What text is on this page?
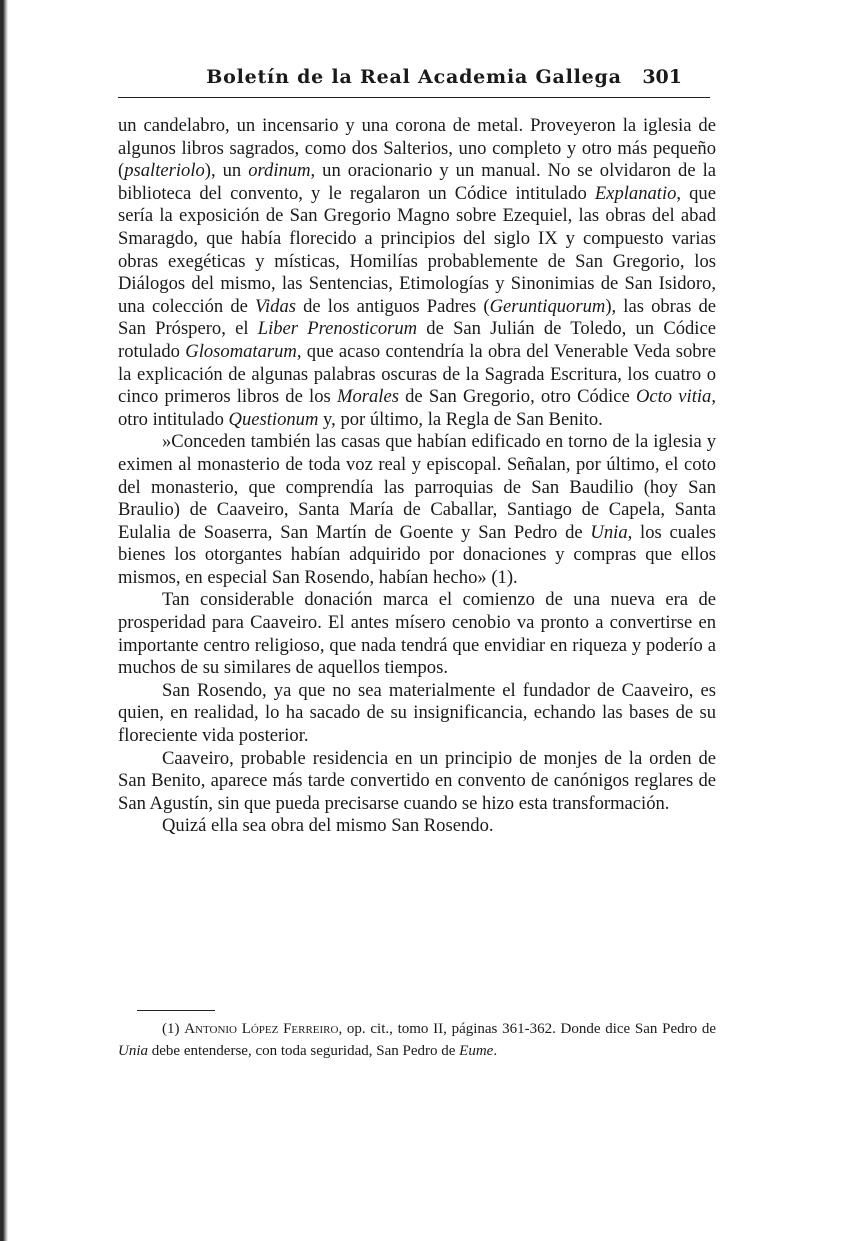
Boletín de la Real Academia Gallega	301

un candelabro, un incensario y una corona de metal. Proveyeron la iglesia de algunos libros sagrados, como dos Salterios, uno completo y otro más pequeño (psalteriolo), un ordinum, un oracionario y un manual. No se olvidaron de la biblioteca del convento, y le regalaron un Códice intitulado Explanatio, que sería la exposición de San Gregorio Magno sobre Ezequiel, las obras del abad Smaragdo, que había florecido a principios del siglo IX y compuesto varias obras exegéticas y místicas, Homilías probablemente de San Gregorio, los Diálogos del mismo, las Sentencias, Etimologías y Sinonimias de San Isidoro, una colección de Vidas de los antiguos Padres (Geruntiquorum), las obras de San Próspero, el Liber Prenosticorum de San Julián de Toledo, un Códice rotulado Glosomatarum, que acaso contendría la obra del Venerable Veda sobre la explicación de algunas palabras oscuras de la Sagrada Escritura, los cuatro o cinco primeros libros de los Morales de San Gregorio, otro Códice Octo vitia, otro intitulado Questionum y, por último, la Regla de San Benito.

»Conceden también las casas que habían edificado en torno de la iglesia y eximen al monasterio de toda voz real y episcopal. Señalan, por último, el coto del monasterio, que comprendía las parroquias de San Baudilio (hoy San Braulio) de Caaveiro, Santa María de Caballar, Santiago de Capela, Santa Eulalia de Soaserra, San Martín de Goente y San Pedro de Unia, los cuales bienes los otorgantes habían adquirido por donaciones y compras que ellos mismos, en especial San Rosendo, habían hecho» (1).

Tan considerable donación marca el comienzo de una nueva era de prosperidad para Caaveiro. El antes mísero cenobio va pronto a convertirse en importante centro religioso, que nada tendrá que envidiar en riqueza y poderío a muchos de su similares de aquellos tiempos.

San Rosendo, ya que no sea materialmente el fundador de Caaveiro, es quien, en realidad, lo ha sacado de su insignificancia, echando las bases de su floreciente vida posterior.

Caaveiro, probable residencia en un principio de monjes de la orden de San Benito, aparece más tarde convertido en convento de canónigos reglares de San Agustín, sin que pueda precisarse cuando se hizo esta transformación.

Quizá ella sea obra del mismo San Rosendo.

(1) Antonio López Ferreiro, op. cit., tomo II, páginas 361-362. Donde dice San Pedro de Unia debe entenderse, con toda seguridad, San Pedro de Eume.
